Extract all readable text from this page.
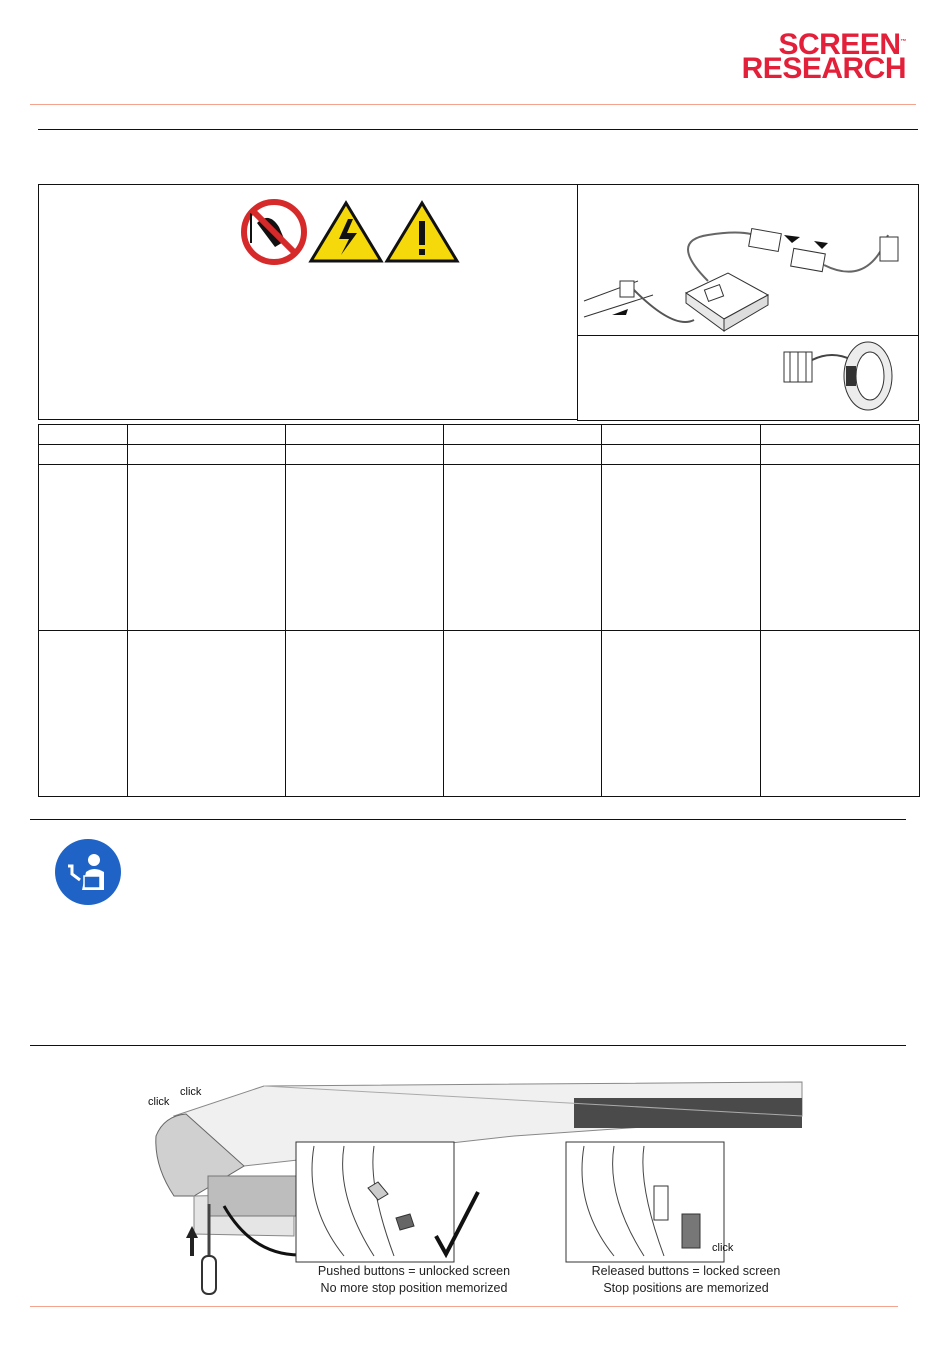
SCREEN™
RESEARCH

click
click
click
Pushed buttons = unlocked screen
No more stop position memorized
Released buttons = locked screen
Stop positions are memorized
